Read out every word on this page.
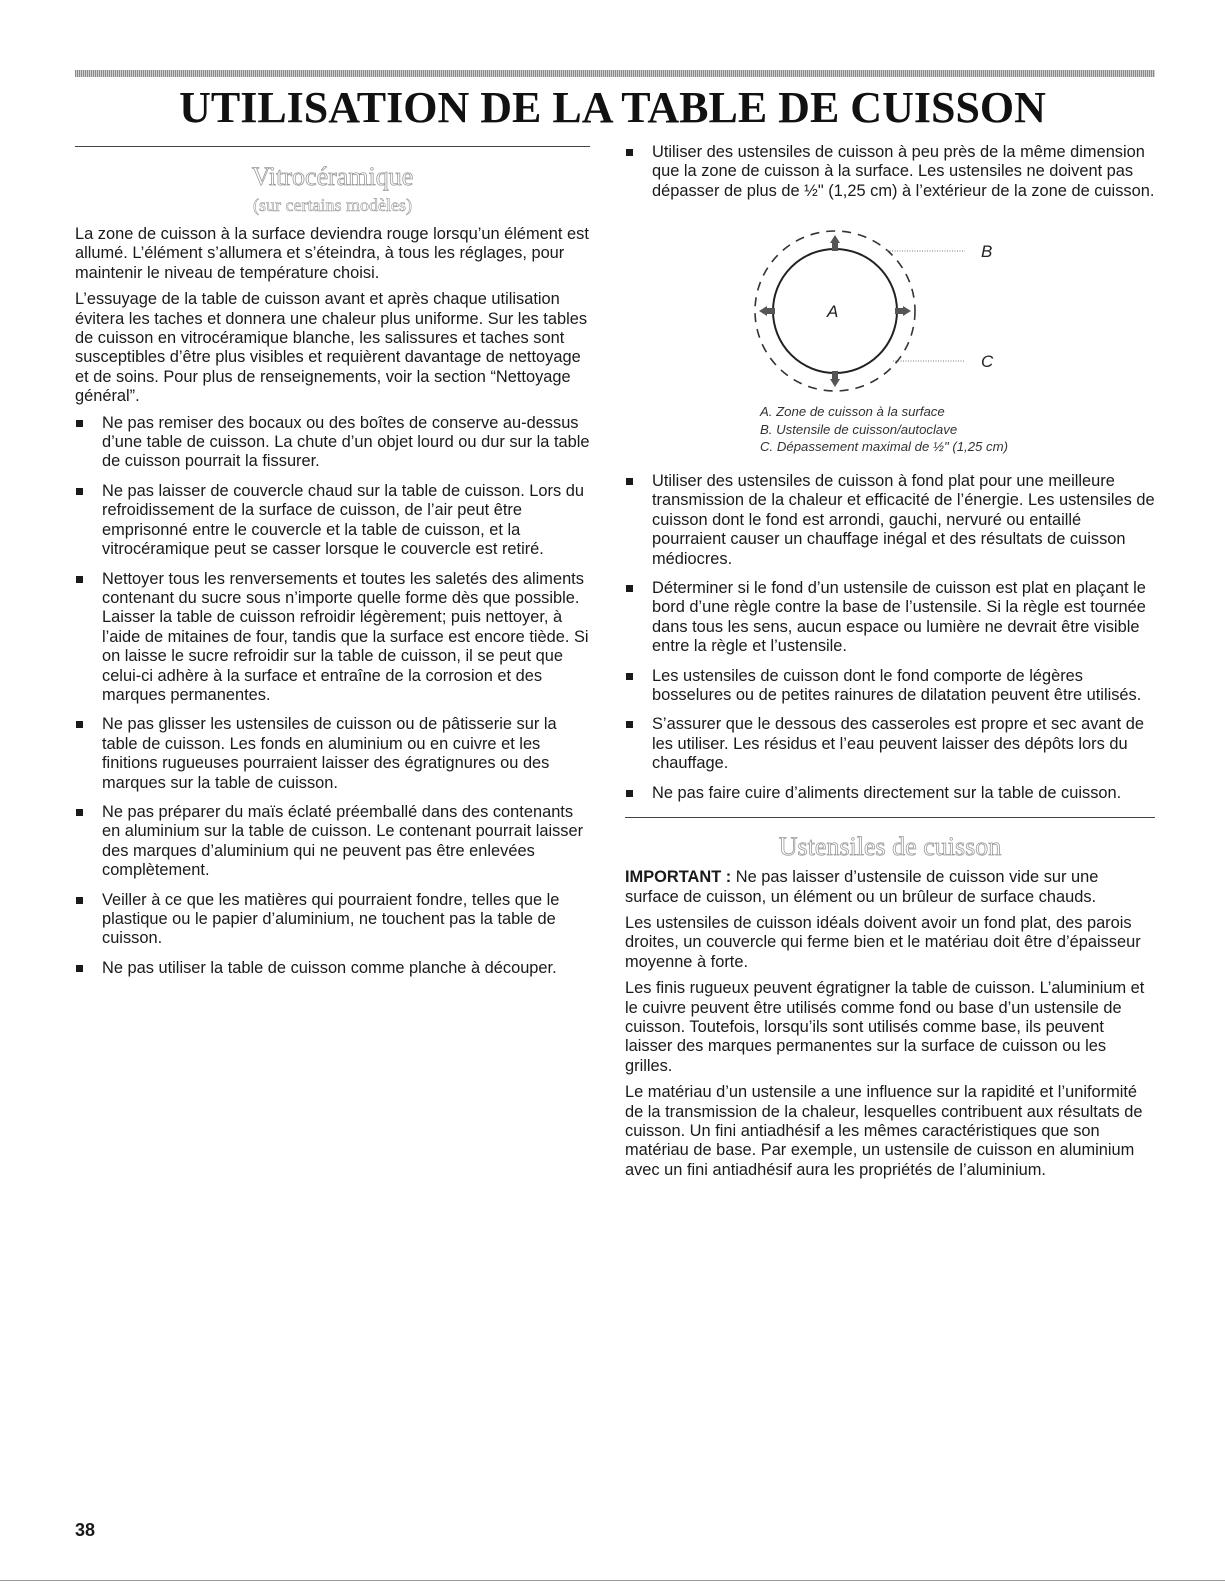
UTILISATION DE LA TABLE DE CUISSON
Vitrocéramique
(sur certains modèles)

La zone de cuisson à la surface deviendra rouge lorsqu’un élément est allumé. L’élément s’allumera et s’éteindra, à tous les réglages, pour maintenir le niveau de température choisi.

L’essuyage de la table de cuisson avant et après chaque utilisation évitera les taches et donnera une chaleur plus uniforme. Sur les tables de cuisson en vitrocéramique blanche, les salissures et taches sont susceptibles d’être plus visibles et requièrent davantage de nettoyage et de soins. Pour plus de renseignements, voir la section “Nettoyage général”.

Ne pas remiser des bocaux ou des boîtes de conserve au-dessus d’une table de cuisson. La chute d’un objet lourd ou dur sur la table de cuisson pourrait la fissurer.

Ne pas laisser de couvercle chaud sur la table de cuisson. Lors du refroidissement de la surface de cuisson, de l’air peut être emprisonné entre le couvercle et la table de cuisson, et la vitrocéramique peut se casser lorsque le couvercle est retiré.

Nettoyer tous les renversements et toutes les saletés des aliments contenant du sucre sous n’importe quelle forme dès que possible. Laisser la table de cuisson refroidir légèrement; puis nettoyer, à l’aide de mitaines de four, tandis que la surface est encore tiède. Si on laisse le sucre refroidir sur la table de cuisson, il se peut que celui-ci adhère à la surface et entraîne de la corrosion et des marques permanentes.

Ne pas glisser les ustensiles de cuisson ou de pâtisserie sur la table de cuisson. Les fonds en aluminium ou en cuivre et les finitions rugueuses pourraient laisser des égratignures ou des marques sur la table de cuisson.

Ne pas préparer du maïs éclaté préemballé dans des contenants en aluminium sur la table de cuisson. Le contenant pourrait laisser des marques d’aluminium qui ne peuvent pas être enlevées complètement.

Veiller à ce que les matières qui pourraient fondre, telles que le plastique ou le papier d’aluminium, ne touchent pas la table de cuisson.

Ne pas utiliser la table de cuisson comme planche à découper.

Utiliser des ustensiles de cuisson à peu près de la même dimension que la zone de cuisson à la surface. Les ustensiles ne doivent pas dépasser de plus de ½" (1,25 cm) à l’extérieur de la zone de cuisson.

A
B
C
A. Zone de cuisson à la surface
B. Ustensile de cuisson/autoclave
C. Dépassement maximal de ½" (1,25 cm)

Utiliser des ustensiles de cuisson à fond plat pour une meilleure transmission de la chaleur et efficacité de l’énergie. Les ustensiles de cuisson dont le fond est arrondi, gauchi, nervuré ou entaillé pourraient causer un chauffage inégal et des résultats de cuisson médiocres.

Déterminer si le fond d’un ustensile de cuisson est plat en plaçant le bord d’une règle contre la base de l’ustensile. Si la règle est tournée dans tous les sens, aucun espace ou lumière ne devrait être visible entre la règle et l’ustensile.

Les ustensiles de cuisson dont le fond comporte de légères bosselures ou de petites rainures de dilatation peuvent être utilisés.

S’assurer que le dessous des casseroles est propre et sec avant de les utiliser. Les résidus et l’eau peuvent laisser des dépôts lors du chauffage.

Ne pas faire cuire d’aliments directement sur la table de cuisson.

Ustensiles de cuisson

IMPORTANT : Ne pas laisser d’ustensile de cuisson vide sur une surface de cuisson, un élément ou un brûleur de surface chauds.

Les ustensiles de cuisson idéals doivent avoir un fond plat, des parois droites, un couvercle qui ferme bien et le matériau doit être d’épaisseur moyenne à forte.

Les finis rugueux peuvent égratigner la table de cuisson. L’aluminium et le cuivre peuvent être utilisés comme fond ou base d’un ustensile de cuisson. Toutefois, lorsqu’ils sont utilisés comme base, ils peuvent laisser des marques permanentes sur la surface de cuisson ou les grilles.

Le matériau d’un ustensile a une influence sur la rapidité et l’uniformité de la transmission de la chaleur, lesquelles contribuent aux résultats de cuisson. Un fini antiadhésif a les mêmes caractéristiques que son matériau de base. Par exemple, un ustensile de cuisson en aluminium avec un fini antiadhésif aura les propriétés de l’aluminium.

38
